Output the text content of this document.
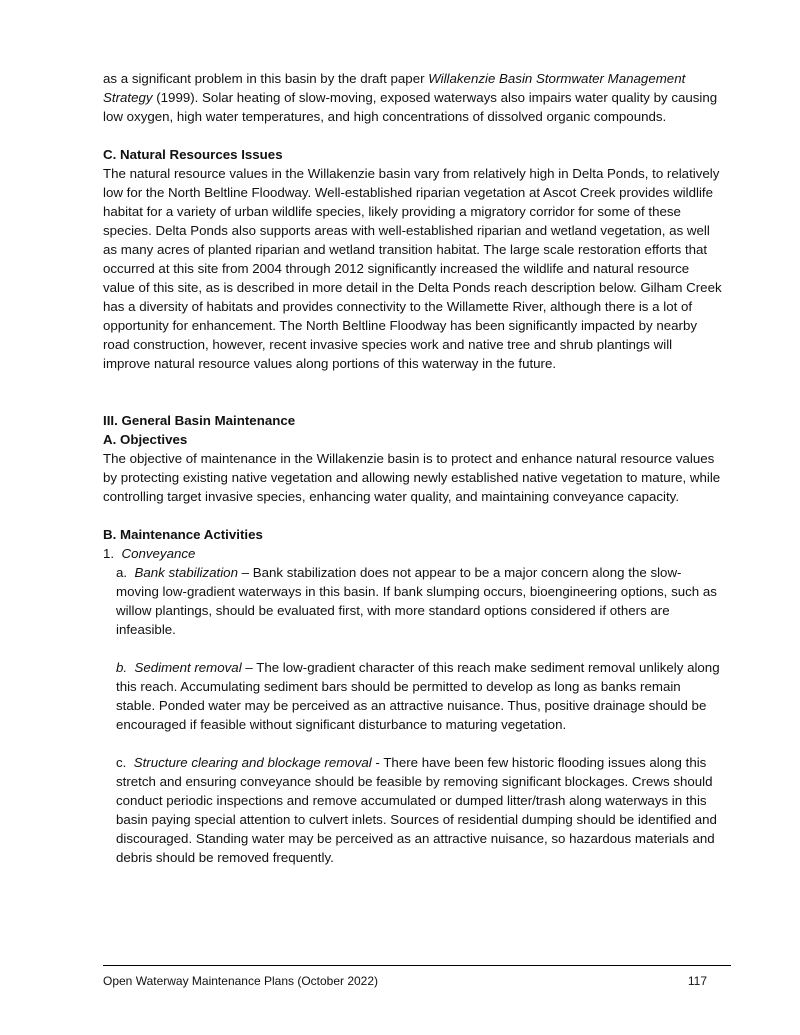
as a significant problem in this basin by the draft paper Willakenzie Basin Stormwater Management Strategy (1999). Solar heating of slow-moving, exposed waterways also impairs water quality by causing low oxygen, high water temperatures, and high concentrations of dissolved organic compounds.

C. Natural Resources Issues

The natural resource values in the Willakenzie basin vary from relatively high in Delta Ponds, to relatively low for the North Beltline Floodway. Well-established riparian vegetation at Ascot Creek provides wildlife habitat for a variety of urban wildlife species, likely providing a migratory corridor for some of these species. Delta Ponds also supports areas with well-established riparian and wetland vegetation, as well as many acres of planted riparian and wetland transition habitat. The large scale restoration efforts that occurred at this site from 2004 through 2012 significantly increased the wildlife and natural resource value of this site, as is described in more detail in the Delta Ponds reach description below. Gilham Creek has a diversity of habitats and provides connectivity to the Willamette River, although there is a lot of opportunity for enhancement. The North Beltline Floodway has been significantly impacted by nearby road construction, however, recent invasive species work and native tree and shrub plantings will improve natural resource values along portions of this waterway in the future.

III. General Basin Maintenance

A. Objectives

The objective of maintenance in the Willakenzie basin is to protect and enhance natural resource values by protecting existing native vegetation and allowing newly established native vegetation to mature, while controlling target invasive species, enhancing water quality, and maintaining conveyance capacity.

B. Maintenance Activities

1. Conveyance

a. Bank stabilization – Bank stabilization does not appear to be a major concern along the slow-moving low-gradient waterways in this basin. If bank slumping occurs, bioengineering options, such as willow plantings, should be evaluated first, with more standard options considered if others are infeasible.

b. Sediment removal – The low-gradient character of this reach make sediment removal unlikely along this reach. Accumulating sediment bars should be permitted to develop as long as banks remain stable. Ponded water may be perceived as an attractive nuisance. Thus, positive drainage should be encouraged if feasible without significant disturbance to maturing vegetation.

c. Structure clearing and blockage removal - There have been few historic flooding issues along this stretch and ensuring conveyance should be feasible by removing significant blockages. Crews should conduct periodic inspections and remove accumulated or dumped litter/trash along waterways in this basin paying special attention to culvert inlets. Sources of residential dumping should be identified and discouraged. Standing water may be perceived as an attractive nuisance, so hazardous materials and debris should be removed frequently.

Open Waterway Maintenance Plans (October 2022)	117
